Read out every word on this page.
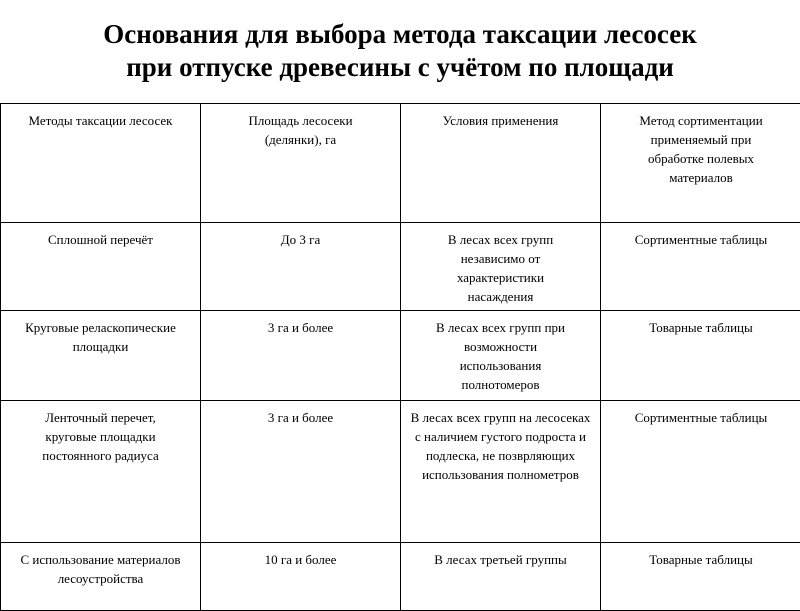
Основания для выбора метода таксации лесосек
при отпуске древесины с учётом по площади
Методы таксации лесосек	Площадь лесосеки (делянки), га	Условия применения	Метод сортиментации применяемый при обработке полевых материалов
Сплошной перечёт	До 3 га	В лесах всех групп независимо от характеристики насаждения	Сортиментные таблицы
Круговые реласкопические площадки	3 га и более	В лесах всех групп при возможности использования полнотомеров	Товарные таблицы
Ленточный перечет, круговые площадки постоянного радиуса	3 га и более	В лесах всех групп на лесосеках с наличием густого подроста и подлеска, не позврляющих использования полнометров	Сортиментные таблицы
С использование материалов лесоустройства	10 га и более	В лесах третьей группы	Товарные таблицы
